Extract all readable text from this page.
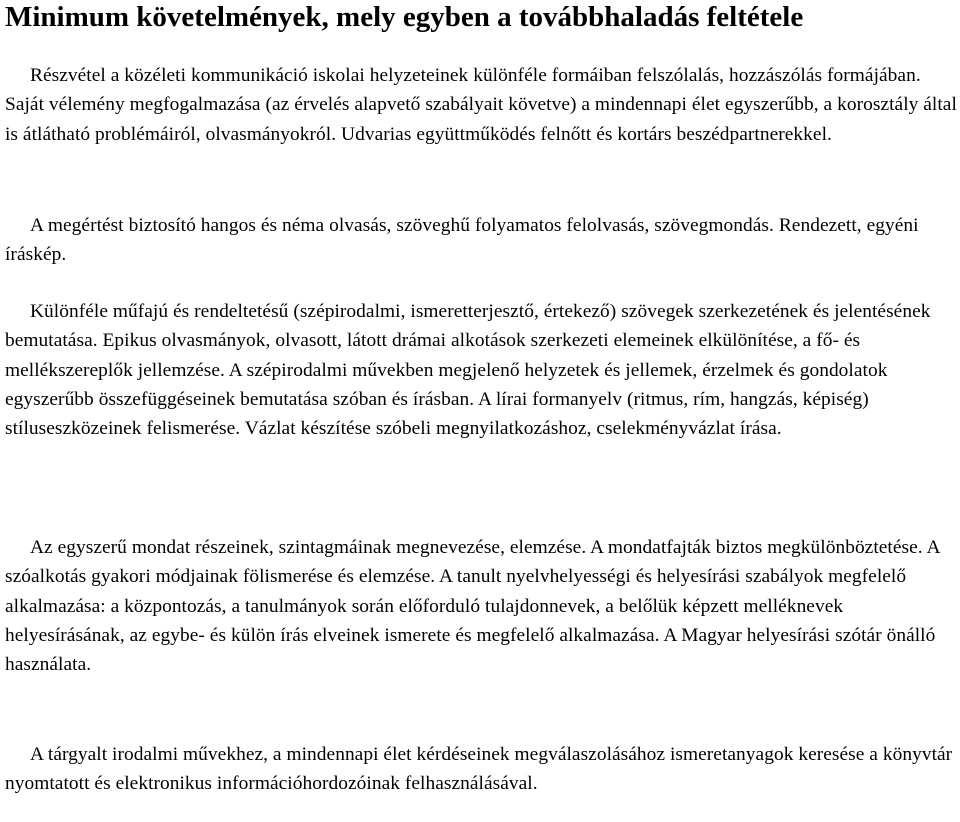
Minimum követelmények, mely egyben a továbbhaladás feltétele

Részvétel a közéleti kommunikáció iskolai helyzeteinek különféle formáiban felszólalás, hozzászólás formájában. Saját vélemény megfogalmazása (az érvelés alapvető szabályait követve) a mindennapi élet egyszerűbb, a korosztály által is átlátható problémáiról, olvasmányokról. Udvarias együttműködés felnőtt és kortárs beszédpartnerekkel.

A megértést biztosító hangos és néma olvasás, szöveghű folyamatos felolvasás, szövegmondás. Rendezett, egyéni íráskép.

Különféle műfajú és rendeltetésű (szépirodalmi, ismeretterjesztő, értekező) szövegek szerkezetének és jelentésének bemutatása. Epikus olvasmányok, olvasott, látott drámai alkotások szerkezeti elemeinek elkülönítése, a fő- és mellékszereplők jellemzése. A szépirodalmi művekben megjelenő helyzetek és jellemek, érzelmek és gondolatok egyszerűbb összefüggéseinek bemutatása szóban és írásban. A lírai formanyelv (ritmus, rím, hangzás, képiség) stíluseszközeinek felismerése. Vázlat készítése szóbeli megnyilatkozáshoz, cselekményvázlat írása.

Az egyszerű mondat részeinek, szintagmáinak megnevezése, elemzése. A mondatfajták biztos megkülönböztetése. A szóalkotás gyakori módjainak fölismerése és elemzése. A tanult nyelvhelyességi és helyesírási szabályok megfelelő alkalmazása: a központozás, a tanulmányok során előforduló tulajdonnevek, a belőlük képzett melléknevek helyesírásának, az egybe- és külön írás elveinek ismerete és megfelelő alkalmazása. A Magyar helyesírási szótár önálló használata.

A tárgyalt irodalmi művekhez, a mindennapi élet kérdéseinek megválaszolásához ismeretanyagok keresése a könyvtár nyomtatott és elektronikus információhordozóinak felhasználásával.
